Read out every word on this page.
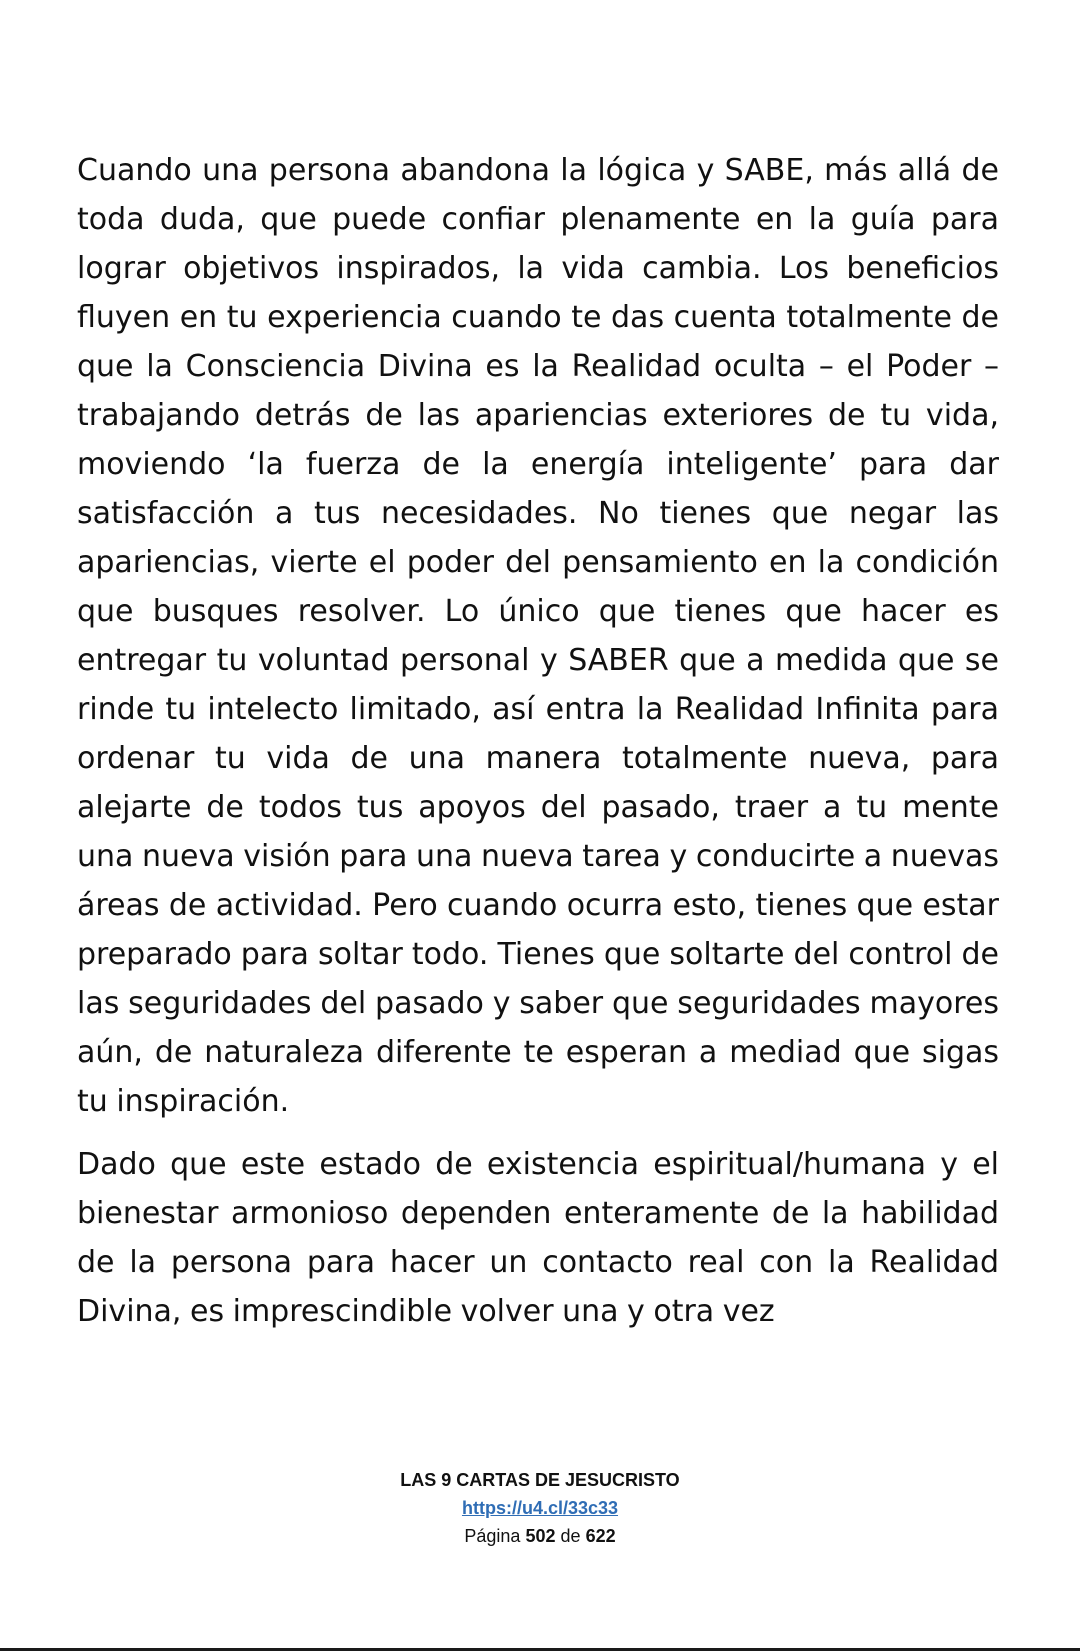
Cuando una persona abandona la lógica y SABE, más allá de toda duda, que puede confiar plenamente en la guía para lograr objetivos inspirados, la vida cambia. Los beneficios fluyen en tu experiencia cuando te das cuenta totalmente de que la Consciencia Divina es la Realidad oculta – el Poder – trabajando detrás de las apariencias exteriores de tu vida, moviendo ‘la fuerza de la energía inteligente’ para dar satisfacción a tus necesidades. No tienes que negar las apariencias, vierte el poder del pensamiento en la condición que busques resolver. Lo único que tienes que hacer es entregar tu voluntad personal y SABER que a medida que se rinde tu intelecto limitado, así entra la Realidad Infinita para ordenar tu vida de una manera totalmente nueva, para alejarte de todos tus apoyos del pasado, traer a tu mente una nueva visión para una nueva tarea y conducirte a nuevas áreas de actividad. Pero cuando ocurra esto, tienes que estar preparado para soltar todo. Tienes que soltarte del control de las seguridades del pasado y saber que seguridades mayores aún, de naturaleza diferente te esperan a mediad que sigas tu inspiración.

Dado que este estado de existencia espiritual/humana y el bienestar armonioso dependen enteramente de la habilidad de la persona para hacer un contacto real con la Realidad Divina, es imprescindible volver una y otra vez

LAS 9 CARTAS DE JESUCRISTO
https://u4.cl/33c33
Página 502 de 622
